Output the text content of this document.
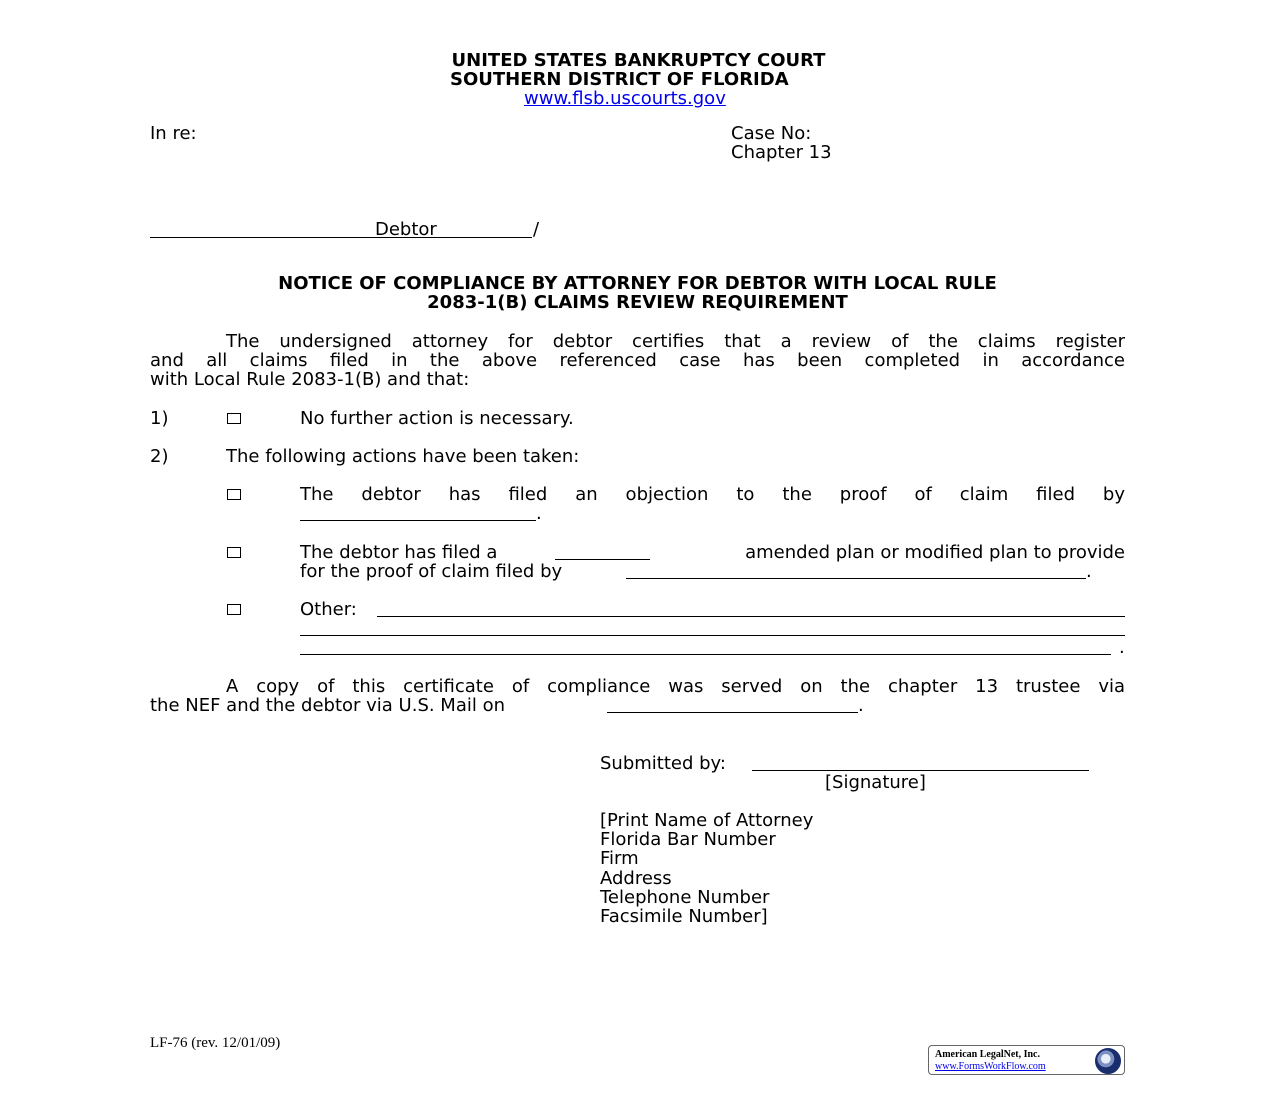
UNITED STATES BANKRUPTCY COURT
SOUTHERN DISTRICT OF FLORIDA
www.flsb.uscourts.gov
In re:	Case No:
Chapter 13
Debtor	/
NOTICE OF COMPLIANCE BY ATTORNEY FOR DEBTOR WITH LOCAL RULE
2083-1(B) CLAIMS REVIEW REQUIREMENT
The undersigned attorney for debtor certifies that a review of the claims register
and all claims filed in the above referenced case has been completed in accordance
with Local Rule 2083-1(B) and that:
1)	No further action is necessary.
2)	The following actions have been taken:
The debtor has filed an objection to the proof of claim filed by
.
The debtor has filed a	amended plan or modified plan to provide
for the proof of claim filed by	.
Other:
.
A copy of this certificate of compliance was served on the chapter 13 trustee via
the NEF and the debtor via U.S. Mail on	.
Submitted by:
[Signature]
[Print Name of Attorney
Florida Bar Number
Firm
Address
Telephone Number
Facsimile Number]
LF-76 (rev. 12/01/09)
American LegalNet, Inc.
www.FormsWorkFlow.com
